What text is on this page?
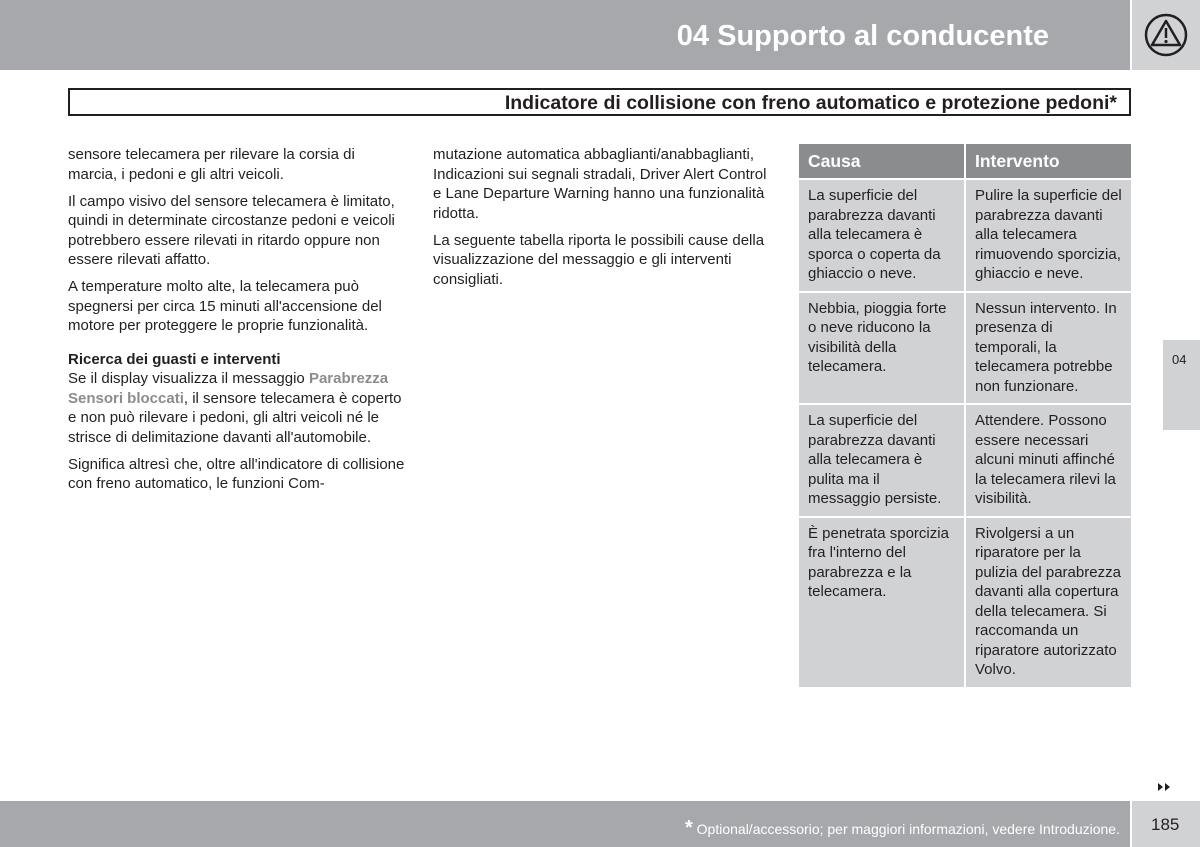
04 Supporto al conducente
Indicatore di collisione con freno automatico e protezione pedoni*

sensore telecamera per rilevare la corsia di marcia, i pedoni e gli altri veicoli.

Il campo visivo del sensore telecamera è limitato, quindi in determinate circostanze pedoni e veicoli potrebbero essere rilevati in ritardo oppure non essere rilevati affatto.

A temperature molto alte, la telecamera può spegnersi per circa 15 minuti all'accensione del motore per proteggere le proprie funzionalità.

Ricerca dei guasti e interventi

Se il display visualizza il messaggio Parabrezza Sensori bloccati, il sensore telecamera è coperto e non può rilevare i pedoni, gli altri veicoli né le strisce di delimitazione davanti all'automobile.

Significa altresì che, oltre all'indicatore di collisione con freno automatico, le funzioni Com-

mutazione automatica abbaglianti/anabbaglianti, Indicazioni sui segnali stradali, Driver Alert Control e Lane Departure Warning hanno una funzionalità ridotta.

La seguente tabella riporta le possibili cause della visualizzazione del messaggio e gli interventi consigliati.

Causa	Intervento
La superficie del parabrezza davanti alla telecamera è sporca o coperta da ghiaccio o neve.
Pulire la superficie del parabrezza davanti alla telecamera rimuovendo sporcizia, ghiaccio e neve.
Nebbia, pioggia forte o neve riducono la visibilità della telecamera.
Nessun intervento. In presenza di temporali, la telecamera potrebbe non funzionare.
La superficie del parabrezza davanti alla telecamera è pulita ma il messaggio persiste.
Attendere. Possono essere necessari alcuni minuti affinché la telecamera rilevi la visibilità.
È penetrata sporcizia fra l'interno del parabrezza e la telecamera.
Rivolgersi a un riparatore per la pulizia del parabrezza davanti alla copertura della telecamera. Si raccomanda un riparatore autorizzato Volvo.
04
* Optional/accessorio; per maggiori informazioni, vedere Introduzione. 185
